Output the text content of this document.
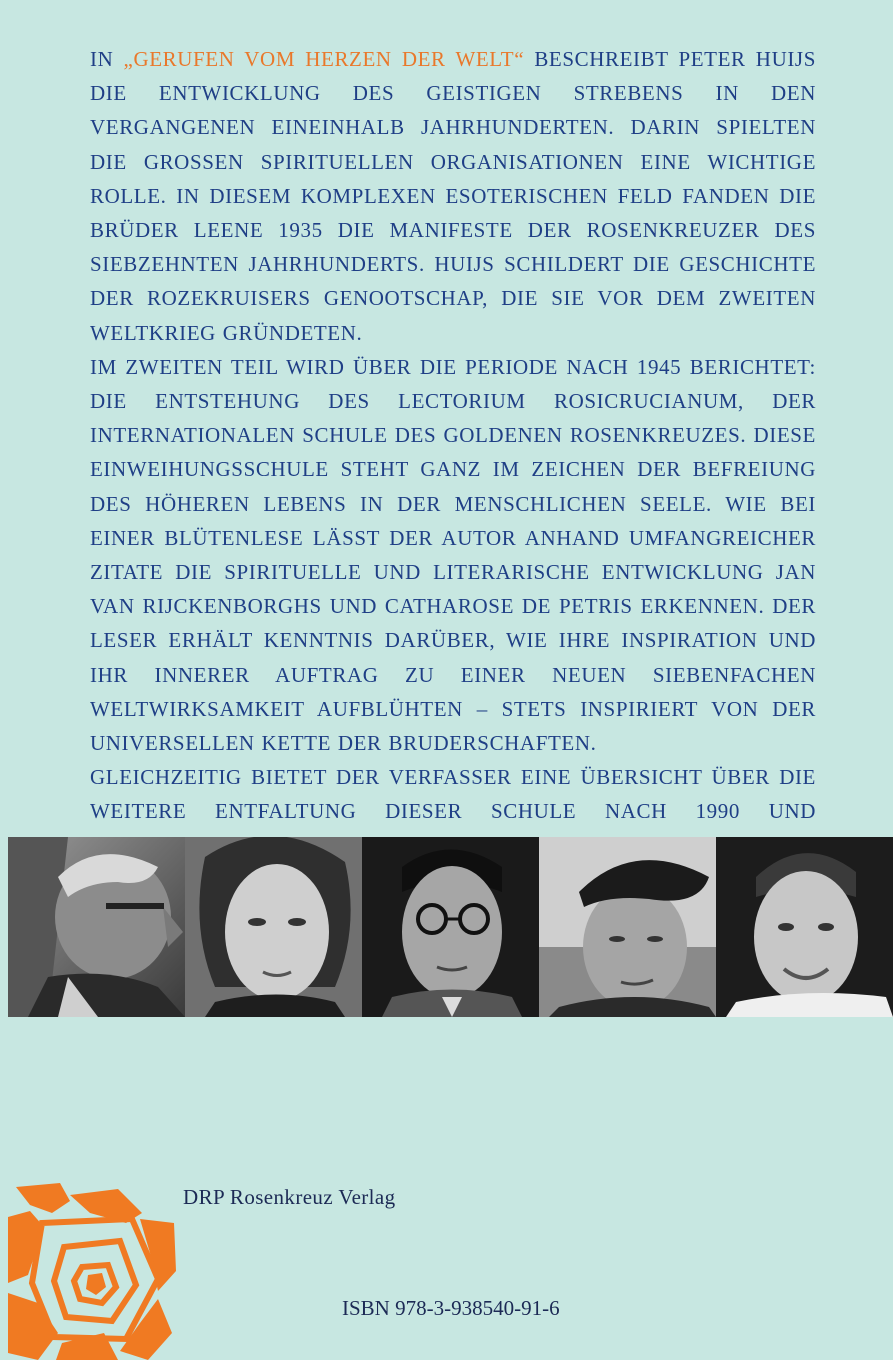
IN „GERUFEN VOM HERZEN DER WELT“ BESCHREIBT PETER HUIJS DIE ENTWICKLUNG DES GEISTIGEN STREBENS IN DEN VERGANGENEN EINEINHALB JAHRHUNDERTEN. DARIN SPIELTEN DIE GROSSEN SPIRITUELLEN ORGANISATIONEN EINE WICHTIGE ROLLE. IN DIESEM KOMPLEXEN ESOTERISCHEN FELD FANDEN DIE BRÜDER LEENE 1935 DIE MANIFESTE DER ROSENKREUZER DES SIEBZEHNTEN JAHRHUNDERTS. HUIJS SCHILDERT DIE GESCHICHTE DER ROZEKRUISERS GENOOTSCHAP, DIE SIE VOR DEM ZWEITEN WELTKRIEG GRÜNDETEN.

IM ZWEITEN TEIL WIRD ÜBER DIE PERIODE NACH 1945 BERICHTET: DIE ENTSTEHUNG DES LECTORIUM ROSICRUCIANUM, DER INTERNATIONALEN SCHULE DES GOLDENEN ROSENKREUZES. DIESE EINWEIHUNGSSCHULE STEHT GANZ IM ZEICHEN DER BEFREIUNG DES HÖHEREN LEBENS IN DER MENSCHLICHEN SEELE. WIE BEI EINER BLÜTENLESE LÄSST DER AUTOR ANHAND UMFANGREICHER ZITATE DIE SPIRITUELLE UND LITERARISCHE ENTWICKLUNG JAN VAN RIJCKENBORGHS UND CATHAROSE DE PETRIS ERKENNEN. DER LESER ERHÄLT KENNTNIS DARÜBER, WIE IHRE INSPIRATION UND IHR INNERER AUFTRAG ZU EINER NEUEN SIEBENFACHEN WELTWIRKSAMKEIT AUFBLÜHTEN – STETS INSPIRIERT VON DER UNIVERSELLEN KETTE DER BRUDERSCHAFTEN.

GLEICHZEITIG BIETET DER VERFASSER EINE ÜBERSICHT ÜBER DIE WEITERE ENTFALTUNG DIESER SCHULE NACH 1990 UND

DRP Rosenkreuz Verlag
ISBN 978-3-938540-91-6
